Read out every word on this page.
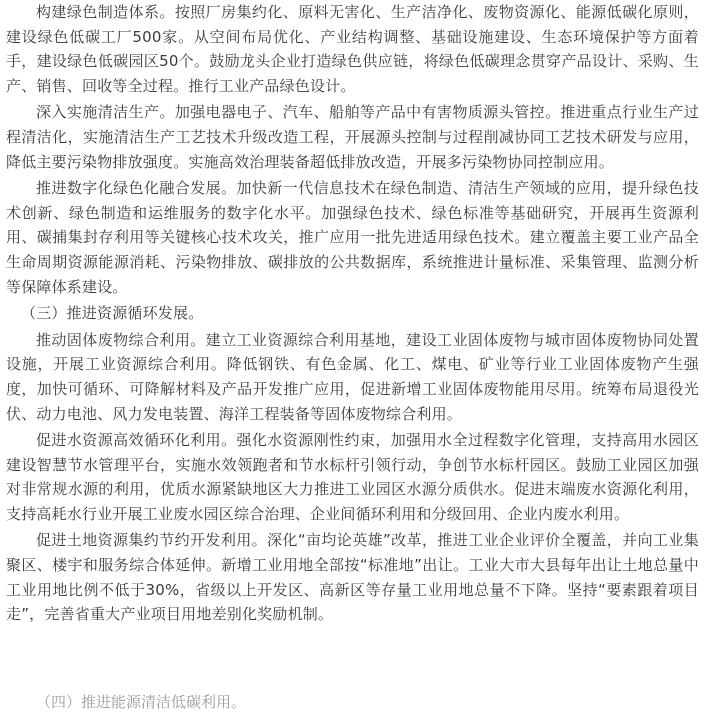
构建绿色制造体系。按照厂房集约化、原料无害化、生产洁净化、废物资源化、能源低碳化原则，建设绿色低碳工厂500家。从空间布局优化、产业结构调整、基础设施建设、生态环境保护等方面着手，建设绿色低碳园区50个。鼓励龙头企业打造绿色供应链，将绿色低碳理念贯穿产品设计、采购、生产、销售、回收等全过程。推行工业产品绿色设计。

深入实施清洁生产。加强电器电子、汽车、船舶等产品中有害物质源头管控。推进重点行业生产过程清洁化，实施清洁生产工艺技术升级改造工程，开展源头控制与过程削减协同工艺技术研发与应用，降低主要污染物排放强度。实施高效治理装备超低排放改造，开展多污染物协同控制应用。

推进数字化绿色化融合发展。加快新一代信息技术在绿色制造、清洁生产领域的应用，提升绿色技术创新、绿色制造和运维服务的数字化水平。加强绿色技术、绿色标准等基础研究，开展再生资源利用、碳捕集封存利用等关键核心技术攻关，推广应用一批先进适用绿色技术。建立覆盖主要工业产品全生命周期资源能源消耗、污染物排放、碳排放的公共数据库，系统推进计量标准、采集管理、监测分析等保障体系建设。

（三）推进资源循环发展。

推动固体废物综合利用。建立工业资源综合利用基地，建设工业固体废物与城市固体废物协同处置设施，开展工业资源综合利用。降低钢铁、有色金属、化工、煤电、矿业等行业工业固体废物产生强度，加快可循环、可降解材料及产品开发推广应用，促进新增工业固体废物能用尽用。统筹布局退役光伏、动力电池、风力发电装置、海洋工程装备等固体废物综合利用。

促进水资源高效循环化利用。强化水资源刚性约束，加强用水全过程数字化管理，支持高用水园区建设智慧节水管理平台，实施水效领跑者和节水标杆引领行动，争创节水标杆园区。鼓励工业园区加强对非常规水源的利用，优质水源紧缺地区大力推进工业园区水源分质供水。促进末端废水资源化利用，支持高耗水行业开展工业废水园区综合治理、企业间循环利用和分级回用、企业内废水利用。

促进土地资源集约节约开发利用。深化“亩均论英雄”改革，推进工业企业评价全覆盖，并向工业集聚区、楼宇和服务综合体延伸。新增工业用地全部按“标准地”出让。工业大市大县每年出让土地总量中工业用地比例不低于30%，省级以上开发区、高新区等存量工业用地总量不下降。坚持“要素跟着项目走”，完善省重大产业项目用地差别化奖励机制。

（四）推进能源清洁低碳利用。
